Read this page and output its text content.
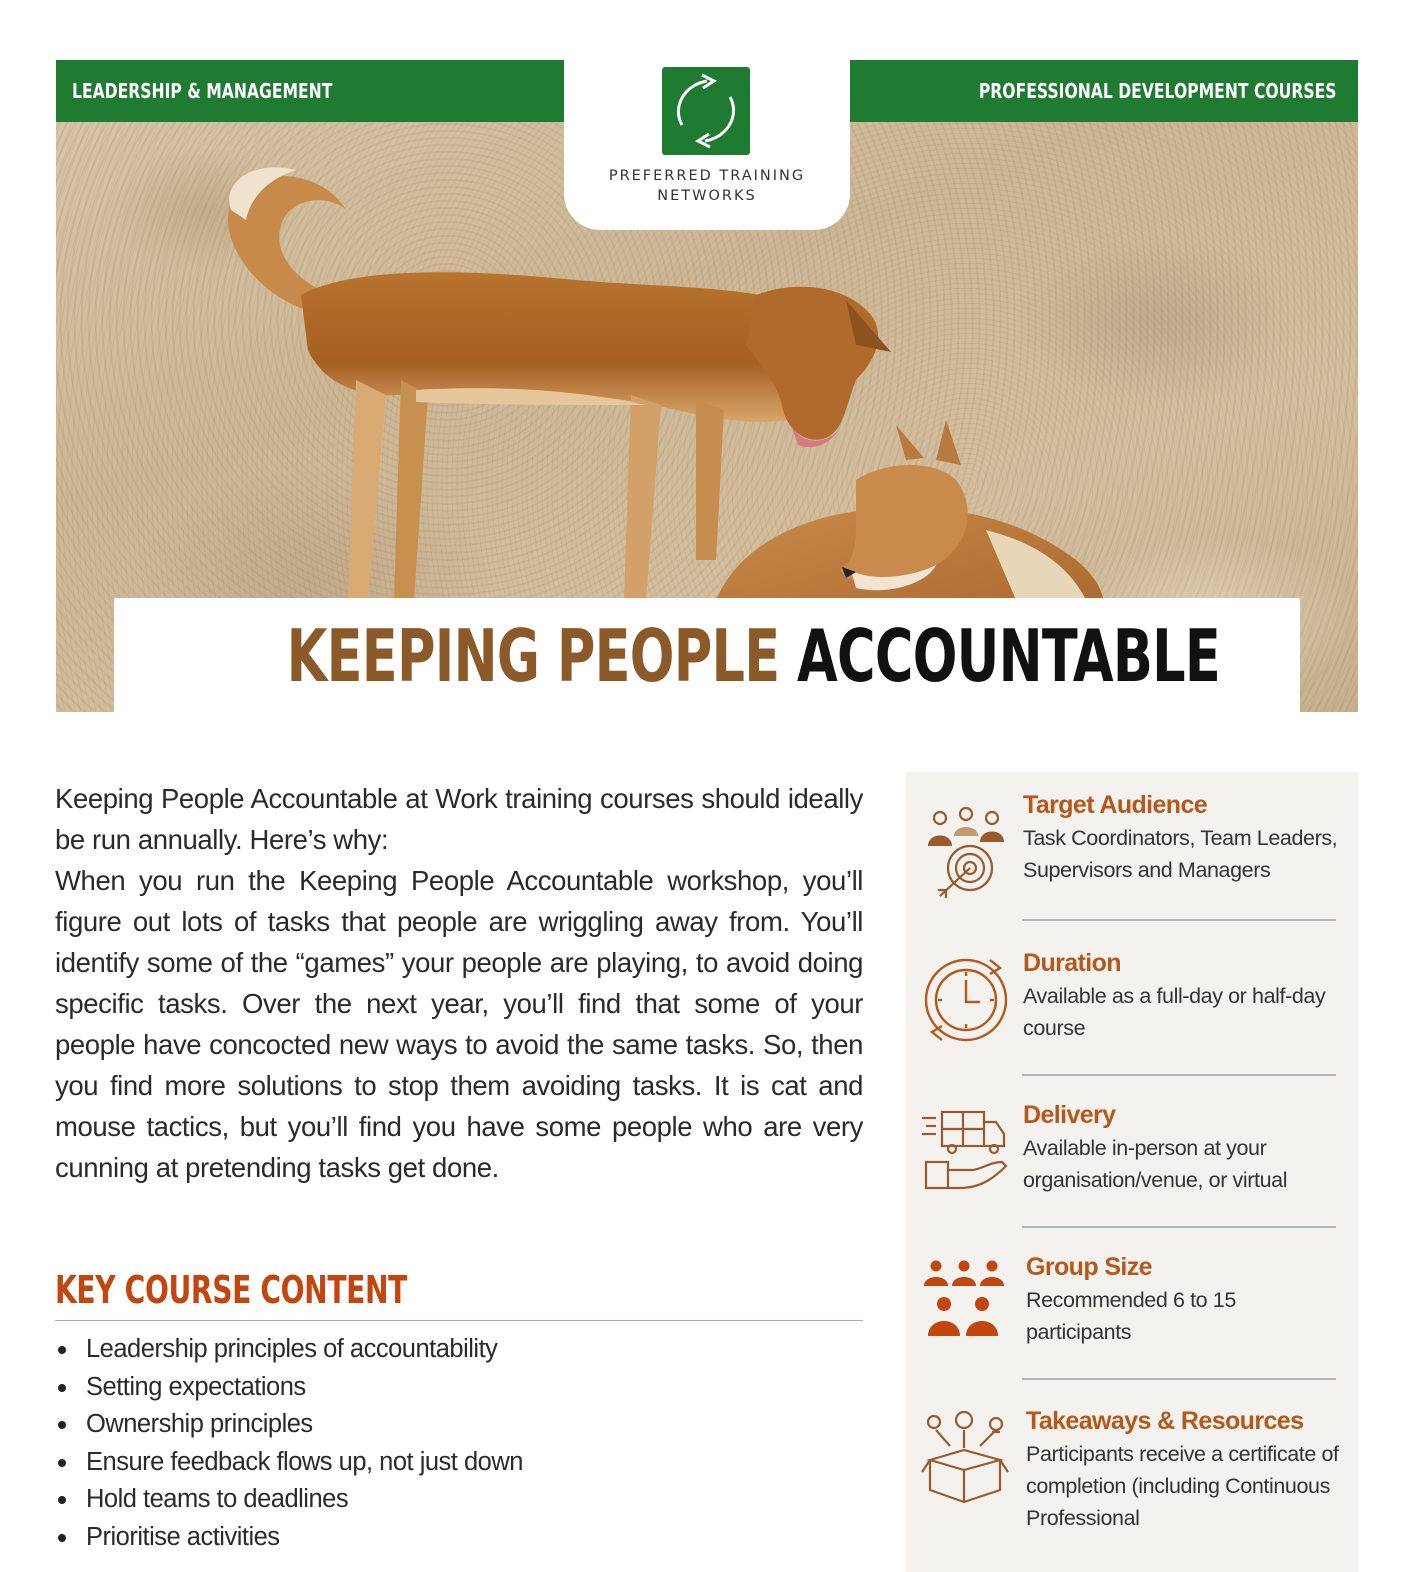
LEADERSHIP & MANAGEMENT	PROFESSIONAL DEVELOPMENT COURSES
PREFERRED TRAINING
NETWORKS
KEEPING PEOPLE ACCOUNTABLE

Keeping People Accountable at Work training courses should ideally be run annually. Here’s why:

When you run the Keeping People Accountable workshop, you’ll figure out lots of tasks that people are wriggling away from. You’ll identify some of the “games” your people are playing, to avoid doing specific tasks. Over the next year, you’ll find that some of your people have concocted new ways to avoid the same tasks. So, then you find more solutions to stop them avoiding tasks. It is cat and mouse tactics, but you’ll find you have some people who are very cunning at pretending tasks get done.

KEY COURSE CONTENT
Leadership principles of accountability
Setting expectations
Ownership principles
Ensure feedback flows up, not just down
Hold teams to deadlines
Prioritise activities
Target Audience

Task Coordinators, Team Leaders, Supervisors and Managers

Duration

Available as a full-day or half-day course

Delivery

Available in-person at your organisation/venue, or virtual

Group Size

Recommended 6 to 15 participants

Takeaways & Resources

Participants receive a certificate of completion (including Continuous Professional
